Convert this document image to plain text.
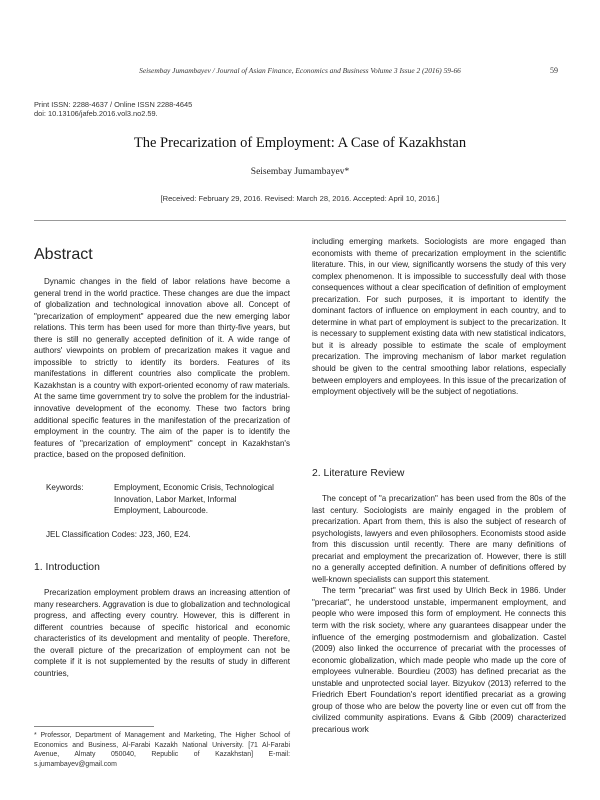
Seisembay Jumambayev / Journal of Asian Finance, Economics and Business Volume 3 Issue 2 (2016) 59-66	59
Print ISSN: 2288-4637 / Online ISSN 2288-4645
doi: 10.13106/jafeb.2016.vol3.no2.59.
The Precarization of Employment: A Case of Kazakhstan
Seisembay Jumambayev*
[Received: February 29, 2016. Revised: March 28, 2016. Accepted: April 10, 2016.]
Abstract

Dynamic changes in the field of labor relations have become a general trend in the world practice. These changes are due the impact of globalization and technological innovation above all. Concept of "precarization of employment" appeared due the new emerging labor relations. This term has been used for more than thirty-five years, but there is still no generally accepted definition of it. A wide range of authors' viewpoints on problem of precarization makes it vague and impossible to strictly to identify its borders. Features of its manifestations in different countries also complicate the problem. Kazakhstan is a country with export-oriented economy of raw materials. At the same time government try to solve the problem for the industrial-innovative development of the economy. These two factors bring additional specific features in the manifestation of the precarization of employment in the country. The aim of the paper is to identify the features of "precarization of employment" concept in Kazakhstan's practice, based on the proposed definition.

Keywords:	Employment, Economic Crisis, Technological Innovation, Labor Market, Informal Employment, Labourcode.
JEL Classification Codes: J23, J60, E24.
1. Introduction

Precarization employment problem draws an increasing attention of many researchers. Aggravation is due to globalization and technological progress, and affecting every country. However, this is different in different countries because of specific historical and economic characteristics of its development and mentality of people. Therefore, the overall picture of the precarization of employment can not be complete if it is not supplemented by the results of study in different countries,

* Professor, Department of Management and Marketing, The Higher School of Economics and Business, Al-Farabi Kazakh National University. [71 Al-Farabi Avenue, Almaty 050040, Republic of Kazakhstan] E-mail: s.jumambayev@gmail.com

including emerging markets. Sociologists are more engaged than economists with theme of precarization employment in the scientific literature. This, in our view, significantly worsens the study of this very complex phenomenon. It is impossible to successfully deal with those consequences without a clear specification of definition of employment precarization. For such purposes, it is important to identify the dominant factors of influence on employment in each country, and to determine in what part of employment is subject to the precarization. It is necessary to supplement existing data with new statistical indicators, but it is already possible to estimate the scale of employment precarization. The improving mechanism of labor market regulation should be given to the central smoothing labor relations, especially between employers and employees. In this issue of the precarization of employment objectively will be the subject of negotiations.

2. Literature Review

The concept of "a precarization" has been used from the 80s of the last century. Sociologists are mainly engaged in the problem of precarization. Apart from them, this is also the subject of research of psychologists, lawyers and even philosophers. Economists stood aside from this discussion until recently. There are many definitions of precariat and employment the precarization of. However, there is still no a generally accepted definition. A number of definitions offered by well-known specialists can support this statement.

The term "precariat" was first used by Ulrich Beck in 1986. Under "precariat", he understood unstable, impermanent employment, and people who were imposed this form of employment. He connects this term with the risk society, where any guarantees disappear under the influence of the emerging postmodernism and globalization. Castel (2009) also linked the occurrence of precariat with the processes of economic globalization, which made people who made up the core of employees vulnerable. Bourdieu (2003) has defined precariat as the unstable and unprotected social layer. Bizyukov (2013) referred to the Friedrich Ebert Foundation's report identified precariat as a growing group of those who are below the poverty line or even cut off from the civilized community aspirations. Evans & Gibb (2009) characterized precarious work
